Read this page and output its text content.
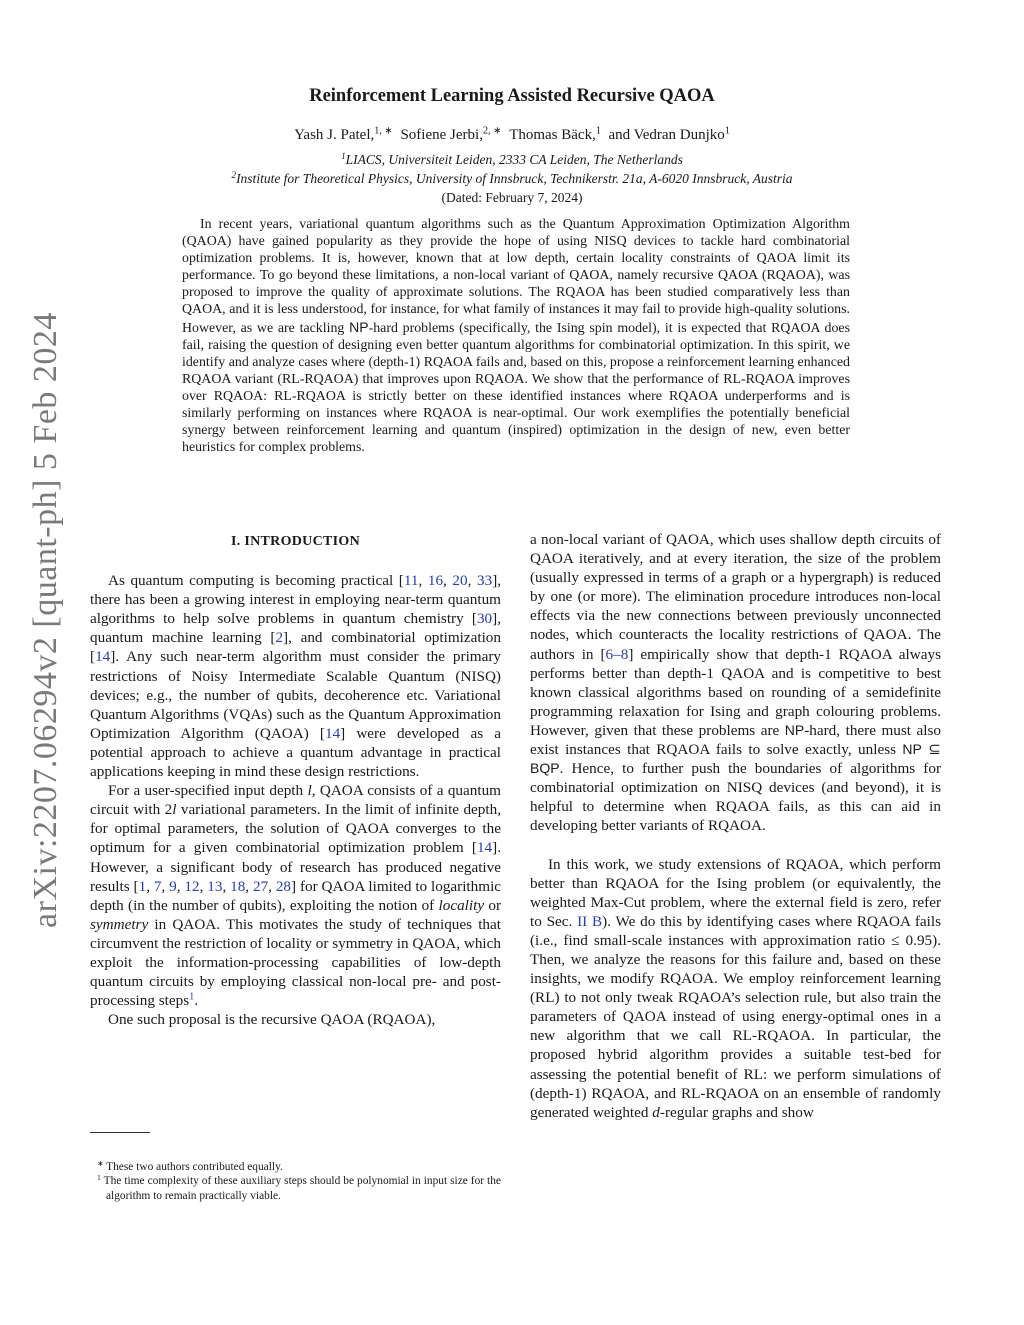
arXiv:2207.06294v2 [quant-ph] 5 Feb 2024
Reinforcement Learning Assisted Recursive QAOA
Yash J. Patel,$^{1, ∗}$ Sofiene Jerbi,$^{2, ∗}$ Thomas Bäck,$^1$ and Vedran Dunjko$^1$
$^1$LIACS, Universiteit Leiden, 2333 CA Leiden, The Netherlands
$^2$Institute for Theoretical Physics, University of Innsbruck, Technikerstr. 21a, A-6020 Innsbruck, Austria
(Dated: February 7, 2024)

In recent years, variational quantum algorithms such as the Quantum Approximation Optimization Algorithm (QAOA) have gained popularity as they provide the hope of using NISQ devices to tackle hard combinatorial optimization problems. It is, however, known that at low depth, certain locality constraints of QAOA limit its performance. To go beyond these limitations, a non-local variant of QAOA, namely recursive QAOA (RQAOA), was proposed to improve the quality of approximate solutions. The RQAOA has been studied comparatively less than QAOA, and it is less understood, for instance, for what family of instances it may fail to provide high-quality solutions. However, as we are tackling NP-hard problems (specifically, the Ising spin model), it is expected that RQAOA does fail, raising the question of designing even better quantum algorithms for combinatorial optimization. In this spirit, we identify and analyze cases where (depth-1) RQAOA fails and, based on this, propose a reinforcement learning enhanced RQAOA variant (RL-RQAOA) that improves upon RQAOA. We show that the performance of RL-RQAOA improves over RQAOA: RL-RQAOA is strictly better on these identified instances where RQAOA underperforms and is similarly performing on instances where RQAOA is near-optimal. Our work exemplifies the potentially beneficial synergy between reinforcement learning and quantum (inspired) optimization in the design of new, even better heuristics for complex problems.

I. INTRODUCTION

As quantum computing is becoming practical [11, 16, 20, 33], there has been a growing interest in employing near-term quantum algorithms to help solve problems in quantum chemistry [30], quantum machine learning [2], and combinatorial optimization [14]. Any such near-term algorithm must consider the primary restrictions of Noisy Intermediate Scalable Quantum (NISQ) devices; e.g., the number of qubits, decoherence etc. Variational Quantum Algorithms (VQAs) such as the Quantum Approximation Optimization Algorithm (QAOA) [14] were developed as a potential approach to achieve a quantum advantage in practical applications keeping in mind these design restrictions.

For a user-specified input depth l, QAOA consists of a quantum circuit with 2l variational parameters. In the limit of infinite depth, for optimal parameters, the solution of QAOA converges to the optimum for a given combinatorial optimization problem [14]. However, a significant body of research has produced negative results [1, 7, 9, 12, 13, 18, 27, 28] for QAOA limited to logarithmic depth (in the number of qubits), exploiting the notion of locality or symmetry in QAOA. This motivates the study of techniques that circumvent the restriction of locality or symmetry in QAOA, which exploit the information-processing capabilities of low-depth quantum circuits by employing classical non-local pre- and post-processing steps$^1$.

One such proposal is the recursive QAOA (RQAOA),

a non-local variant of QAOA, which uses shallow depth circuits of QAOA iteratively, and at every iteration, the size of the problem (usually expressed in terms of a graph or a hypergraph) is reduced by one (or more). The elimination procedure introduces non-local effects via the new connections between previously unconnected nodes, which counteracts the locality restrictions of QAOA. The authors in [6–8] empirically show that depth-1 RQAOA always performs better than depth-1 QAOA and is competitive to best known classical algorithms based on rounding of a semidefinite programming relaxation for Ising and graph colouring problems. However, given that these problems are NP-hard, there must also exist instances that RQAOA fails to solve exactly, unless NP ⊆ BQP. Hence, to further push the boundaries of algorithms for combinatorial optimization on NISQ devices (and beyond), it is helpful to determine when RQAOA fails, as this can aid in developing better variants of RQAOA.

In this work, we study extensions of RQAOA, which perform better than RQAOA for the Ising problem (or equivalently, the weighted Max-Cut problem, where the external field is zero, refer to Sec. II B). We do this by identifying cases where RQAOA fails (i.e., find small-scale instances with approximation ratio ≤ 0.95). Then, we analyze the reasons for this failure and, based on these insights, we modify RQAOA. We employ reinforcement learning (RL) to not only tweak RQAOA’s selection rule, but also train the parameters of QAOA instead of using energy-optimal ones in a new algorithm that we call RL-RQAOA. In particular, the proposed hybrid algorithm provides a suitable test-bed for assessing the potential benefit of RL: we perform simulations of (depth-1) RQAOA, and RL-RQAOA on an ensemble of randomly generated weighted d-regular graphs and show

∗ These two authors contributed equally.

$^1$ The time complexity of these auxiliary steps should be polynomial in input size for the algorithm to remain practically viable.
